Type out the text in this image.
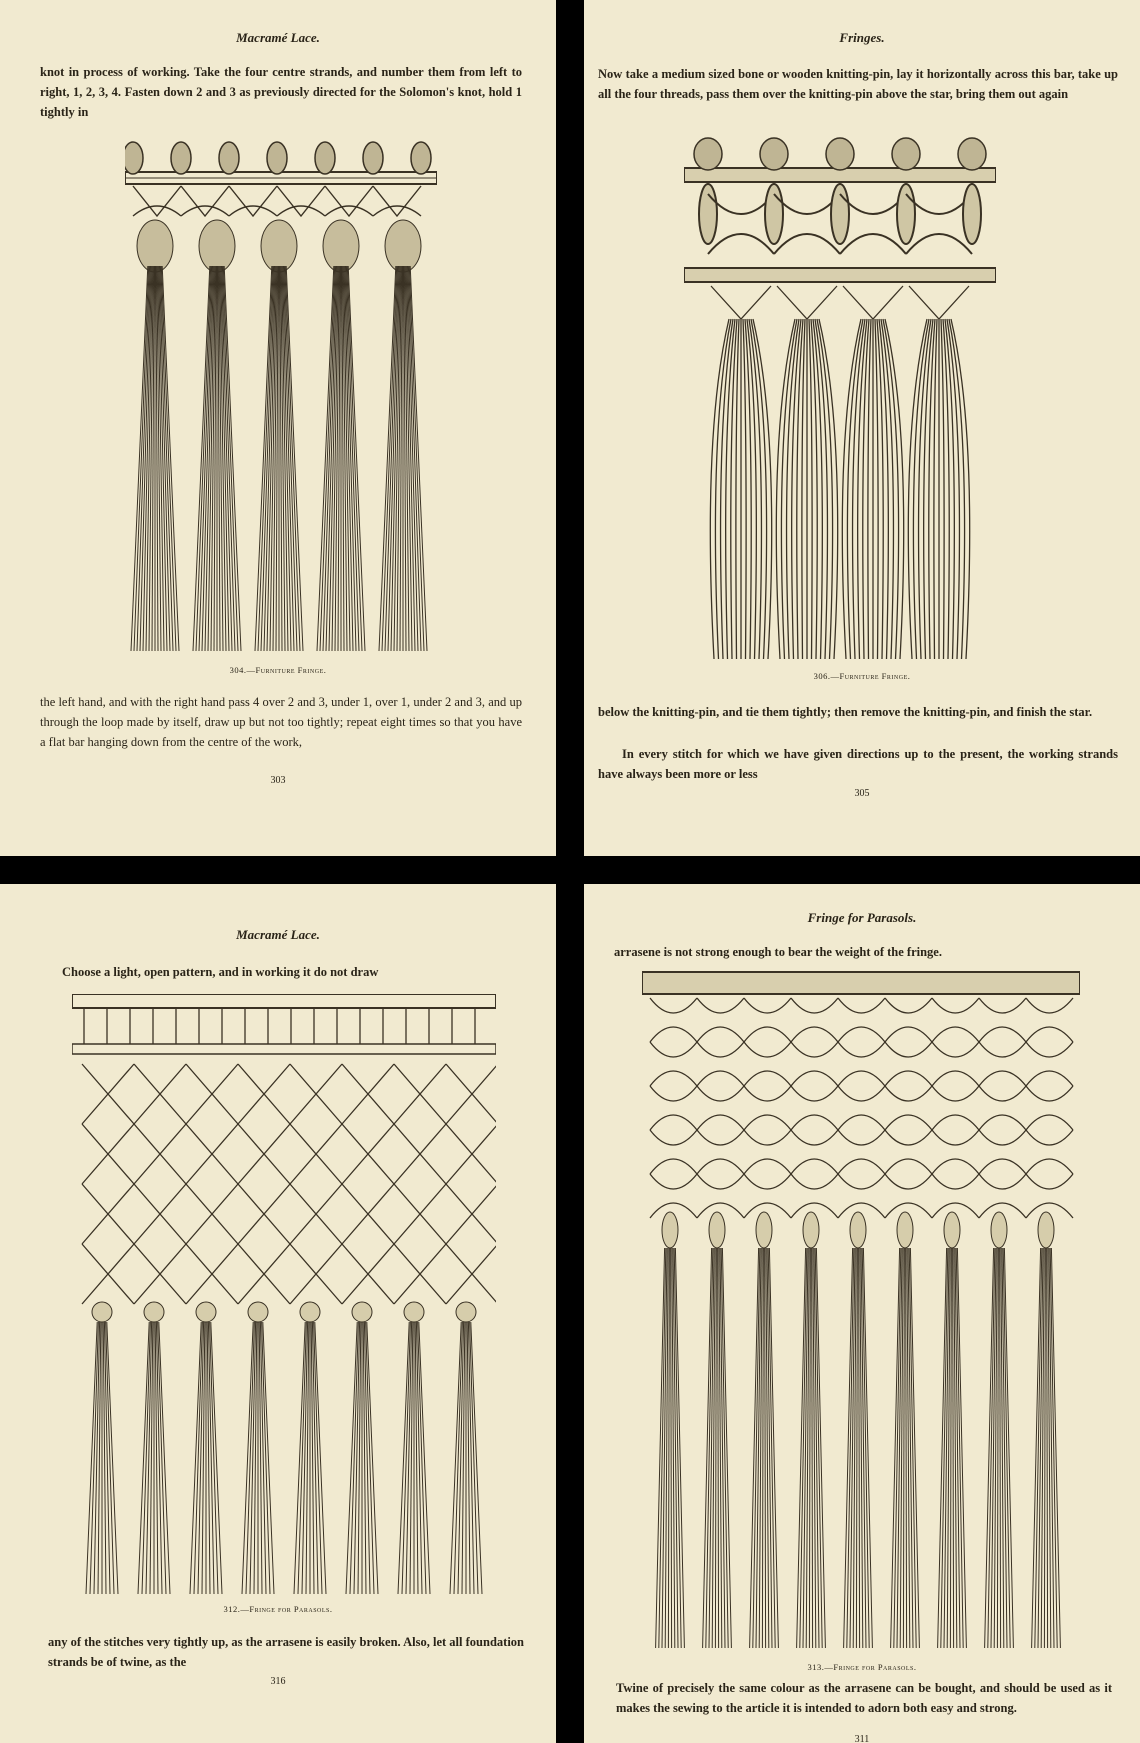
Macramé Lace.

knot in process of working. Take the four centre strands, and number them from left to right, 1, 2, 3, 4. Fasten down 2 and 3 as previously directed for the Solomon's knot, hold 1 tightly in

304.—Furniture Fringe.

the left hand, and with the right hand pass 4 over 2 and 3, under 1, over 1, under 2 and 3, and up through the loop made by itself, draw up but not too tightly; repeat eight times so that you have a flat bar hanging down from the centre of the work,

303
Fringes.

Now take a medium sized bone or wooden knitting-pin, lay it horizontally across this bar, take up all the four threads, pass them over the knitting-pin above the star, bring them out again

306.—Furniture Fringe.

below the knitting-pin, and tie them tightly; then remove the knitting-pin, and finish the star.

In every stitch for which we have given directions up to the present, the working strands have always been more or less

305
Macramé Lace.

Choose a light, open pattern, and in working it do not draw

312.—Fringe for Parasols.

any of the stitches very tightly up, as the arrasene is easily broken. Also, let all foundation strands be of twine, as the

316
Fringe for Parasols.

arrasene is not strong enough to bear the weight of the fringe.

313.—Fringe for Parasols.

Twine of precisely the same colour as the arrasene can be bought, and should be used as it makes the sewing to the article it is intended to adorn both easy and strong.

311
